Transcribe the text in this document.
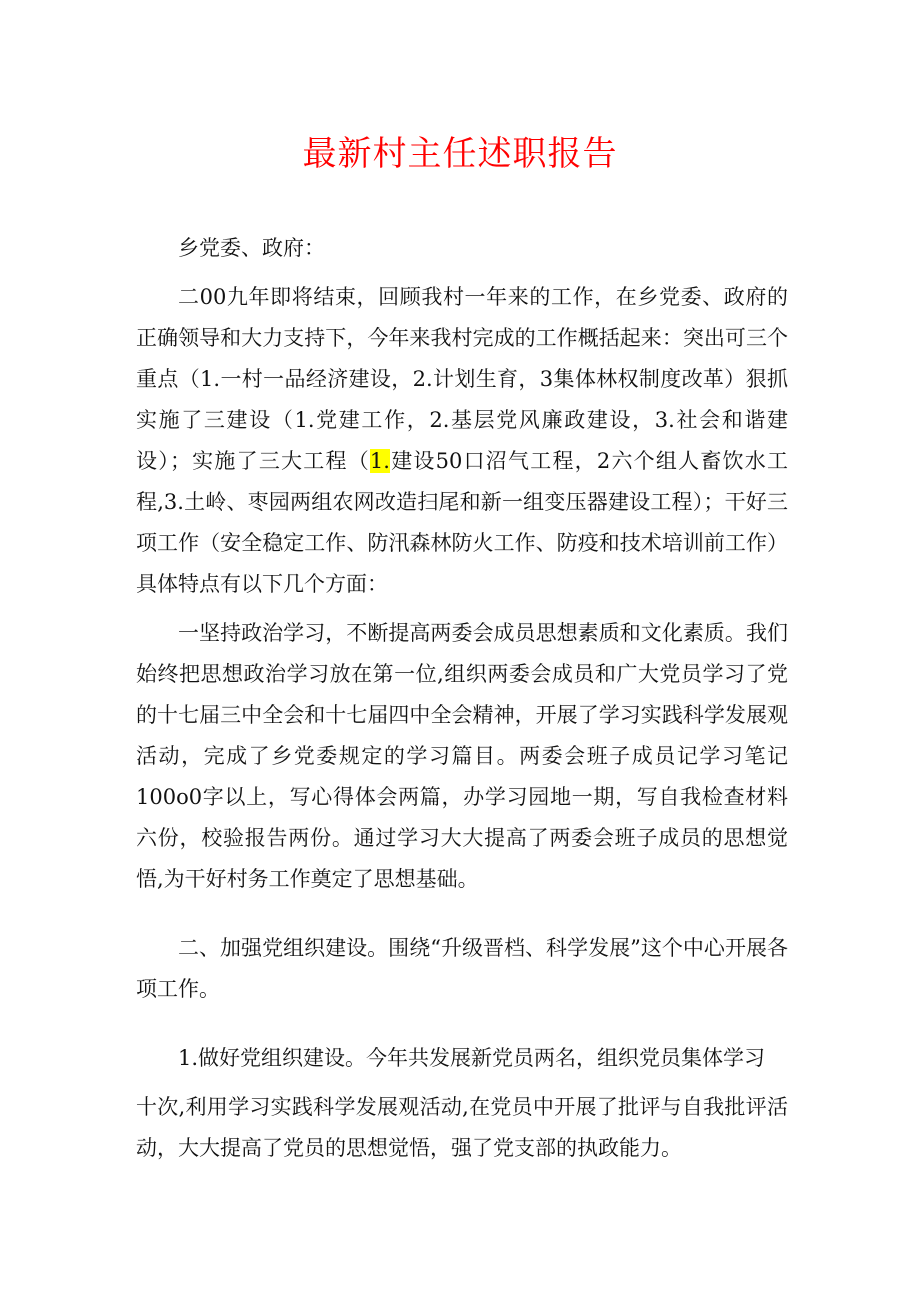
最新村主任述职报告

乡党委、政府：

二00九年即将结束，回顾我村一年来的工作，在乡党委、政府的正确领导和大力支持下，今年来我村完成的工作概括起来：突出可三个重点（1.一村一品经济建设，2.计划生育，3集体林权制度改革）狠抓实施了三建设（1.党建工作，2.基层党风廉政建设，3.社会和谐建设）；实施了三大工程（1.建设50口沼气工程，2六个组人畜饮水工程,3.土岭、枣园两组农网改造扫尾和新一组变压器建设工程）；干好三项工作（安全稳定工作、防汛森林防火工作、防疫和技术培训前工作）具体特点有以下几个方面：

一坚持政治学习，不断提高两委会成员思想素质和文化素质。我们始终把思想政治学习放在第一位,组织两委会成员和广大党员学习了党的十七届三中全会和十七届四中全会精神，开展了学习实践科学发展观活动，完成了乡党委规定的学习篇目。两委会班子成员记学习笔记100o0字以上，写心得体会两篇，办学习园地一期，写自我检查材料六份，校验报告两份。通过学习大大提高了两委会班子成员的思想觉悟,为干好村务工作奠定了思想基础。

二、加强党组织建设。围绕“升级晋档、科学发展”这个中心开展各项工作。

1.做好党组织建设。今年共发展新党员两名，组织党员集体学习

十次,利用学习实践科学发展观活动,在党员中开展了批评与自我批评活动，大大提高了党员的思想觉悟，强了党支部的执政能力。
